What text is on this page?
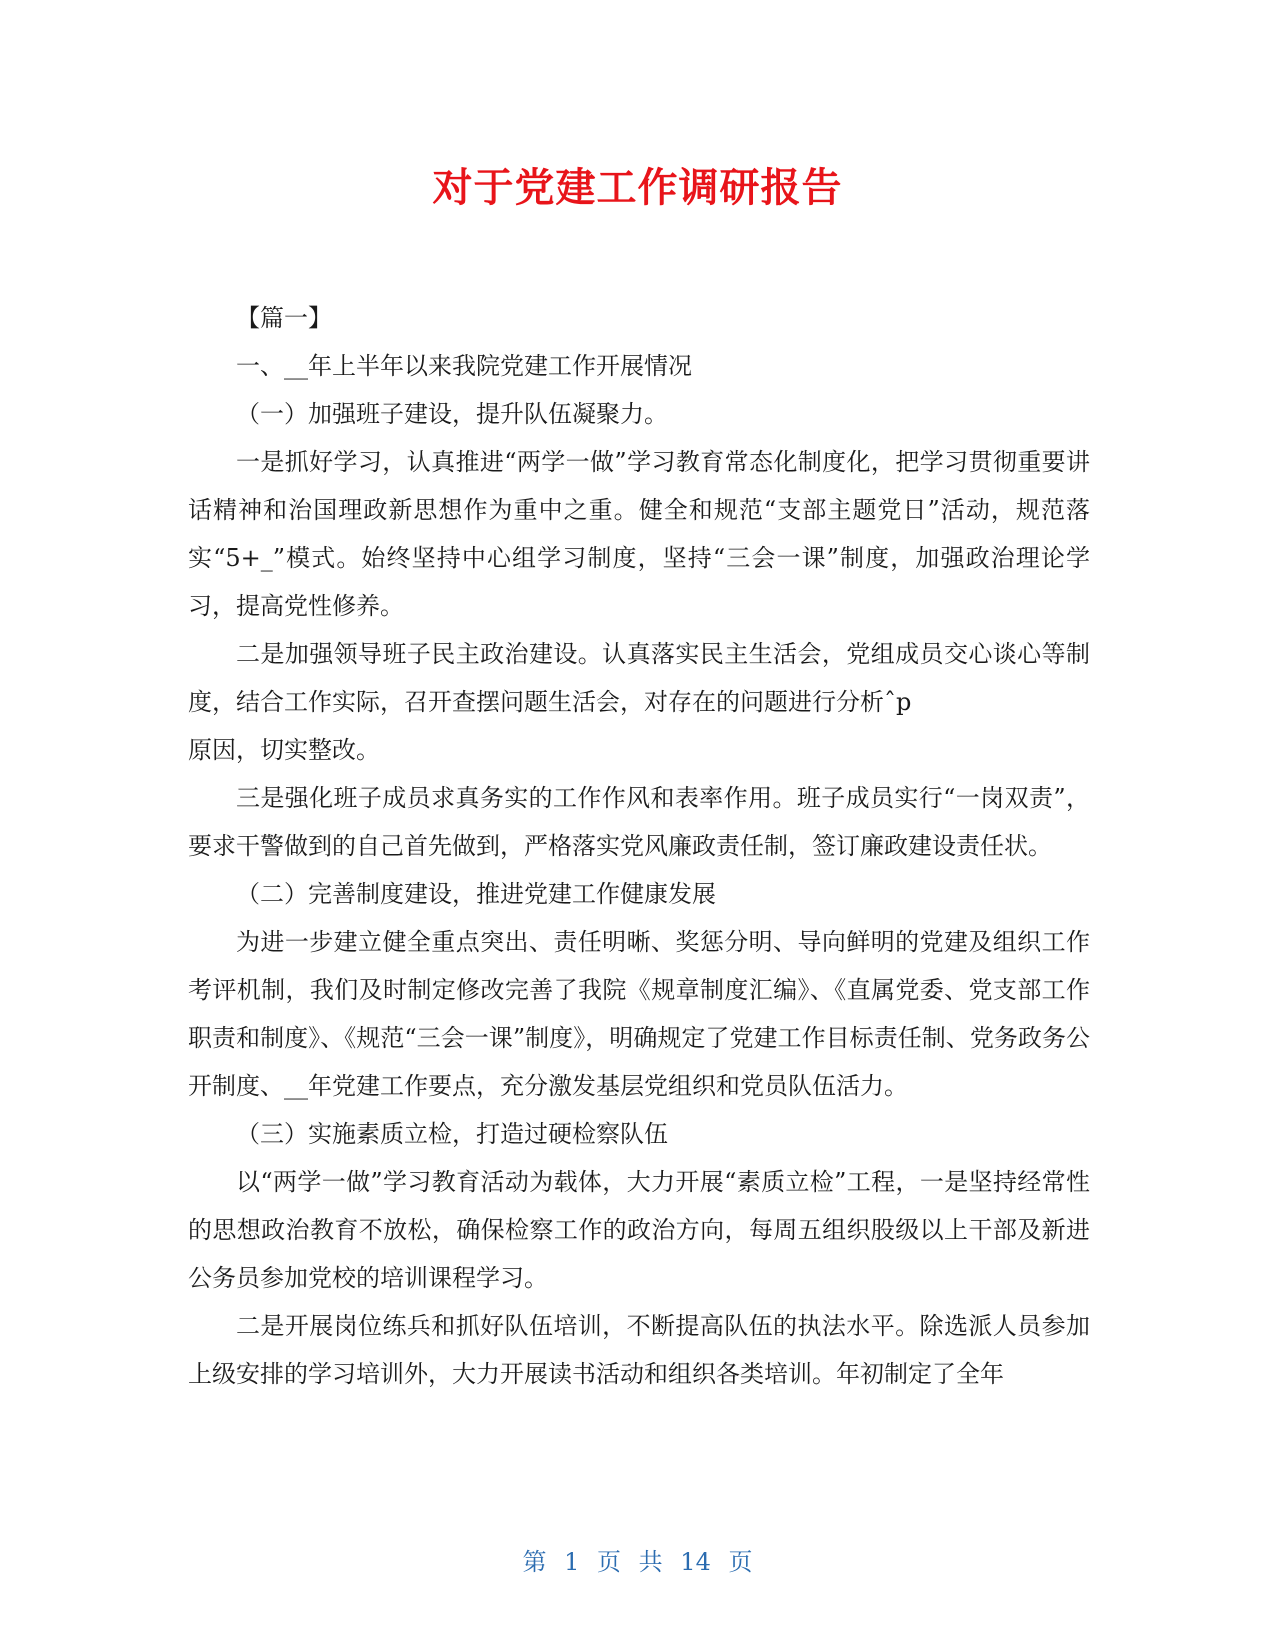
对于党建工作调研报告

【篇一】

一、__年上半年以来我院党建工作开展情况

（一）加强班子建设，提升队伍凝聚力。

一是抓好学习，认真推进“两学一做”学习教育常态化制度化，把学习贯彻重要讲话精神和治国理政新思想作为重中之重。健全和规范“支部主题党日”活动，规范落实“5+_”模式。始终坚持中心组学习制度，坚持“三会一课”制度，加强政治理论学习，提高党性修养。

二是加强领导班子民主政治建设。认真落实民主生活会，党组成员交心谈心等制度，结合工作实际，召开查摆问题生活会，对存在的问题进行分析ˆp

原因，切实整改。

三是强化班子成员求真务实的工作作风和表率作用。班子成员实行“一岗双责”，要求干警做到的自己首先做到，严格落实党风廉政责任制，签订廉政建设责任状。

（二）完善制度建设，推进党建工作健康发展

为进一步建立健全重点突出、责任明晰、奖惩分明、导向鲜明的党建及组织工作考评机制，我们及时制定修改完善了我院《规章制度汇编》、《直属党委、党支部工作职责和制度》、《规范“三会一课”制度》，明确规定了党建工作目标责任制、党务政务公开制度、__年党建工作要点，充分激发基层党组织和党员队伍活力。

（三）实施素质立检，打造过硬检察队伍

以“两学一做”学习教育活动为载体，大力开展“素质立检”工程，一是坚持经常性的思想政治教育不放松，确保检察工作的政治方向，每周五组织股级以上干部及新进公务员参加党校的培训课程学习。

二是开展岗位练兵和抓好队伍培训，不断提高队伍的执法水平。除选派人员参加上级安排的学习培训外，大力开展读书活动和组织各类培训。年初制定了全年

第 1 页 共 14 页
